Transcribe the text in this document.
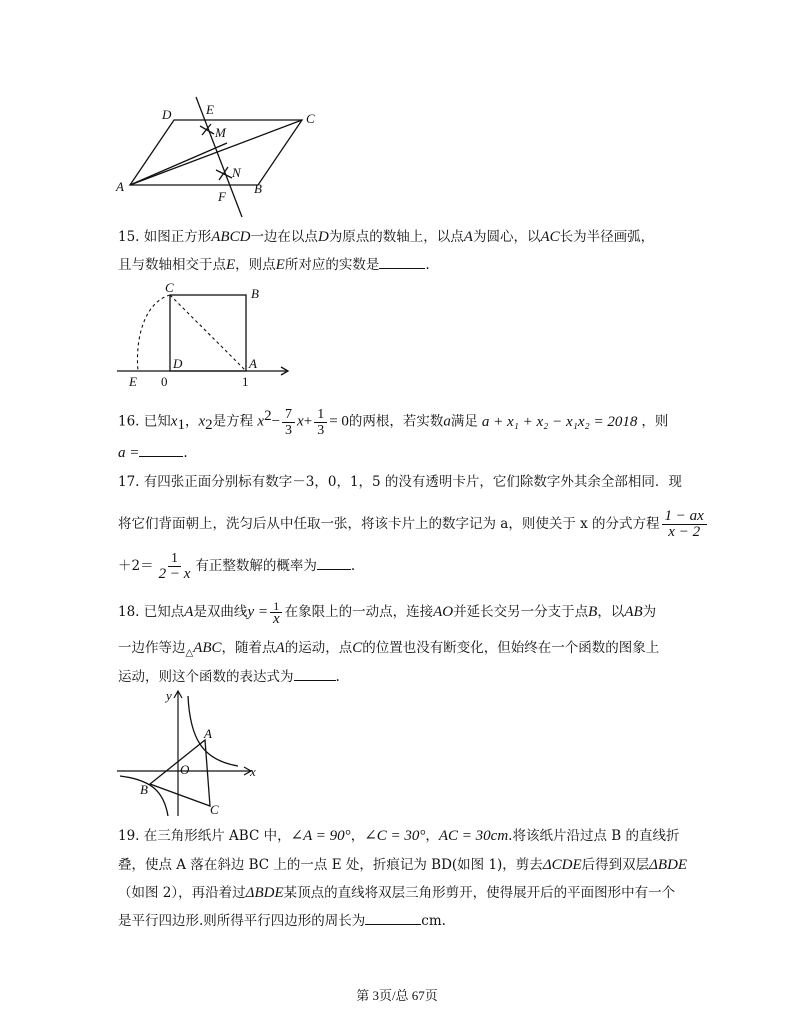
D	E
C
M
N
A
F
B
15. 如图正方形ABCD一边在以点D为原点的数轴上，以点A为圆心，以AC长为半径画弧，
且与数轴相交于点E，则点E所对应的实数是	.
C	B
D	A
E 0	1
16. 已知$x_1$，$x_2$是方程 $x^2- \frac{7}{3} x+ \frac{1}{3} = 0$的两根，若实数a满足 a + x₁ + x₂ − x₁x₂ = 2018 ，则
a =	.
17. 有四张正面分别标有数字－3，0，1，5 的没有透明卡片，它们除数字外其余全部相同．现
将它们背面朝上，洗匀后从中任取一张，将该卡片上的数字记为 a，则使关于 x 的分式方程 $\frac{1 - ax}{x - 2}$
$+2= \frac{1}{2 - x}$ 有正整数解的概率为	.
18. 已知点A是双曲线$y = \frac{1}{x}$ 在象限上的一动点，连接AO并延长交另一分支于点B，以AB为
一边作等边$_\triangle$ABC，随着点A的运动，点C的位置也没有断变化，但始终在一个函数的图象上
运动，则这个函数的表达式为	.
y
x
A
O
B
C
19. 在三角形纸片 ABC 中，∠A = 90°，∠C = 30°，AC = 30cm.将该纸片沿过点 B 的直线折
叠，使点 A 落在斜边 BC 上的一点 E 处，折痕记为 BD(如图 1)，剪去ΔCDE后得到双层ΔBDE
（如图 2），再沿着过ΔBDE某顶点的直线将双层三角形剪开，使得展开后的平面图形中有一个
是平行四边形.则所得平行四边形的周长为	cm.
第 3页/总 67页
